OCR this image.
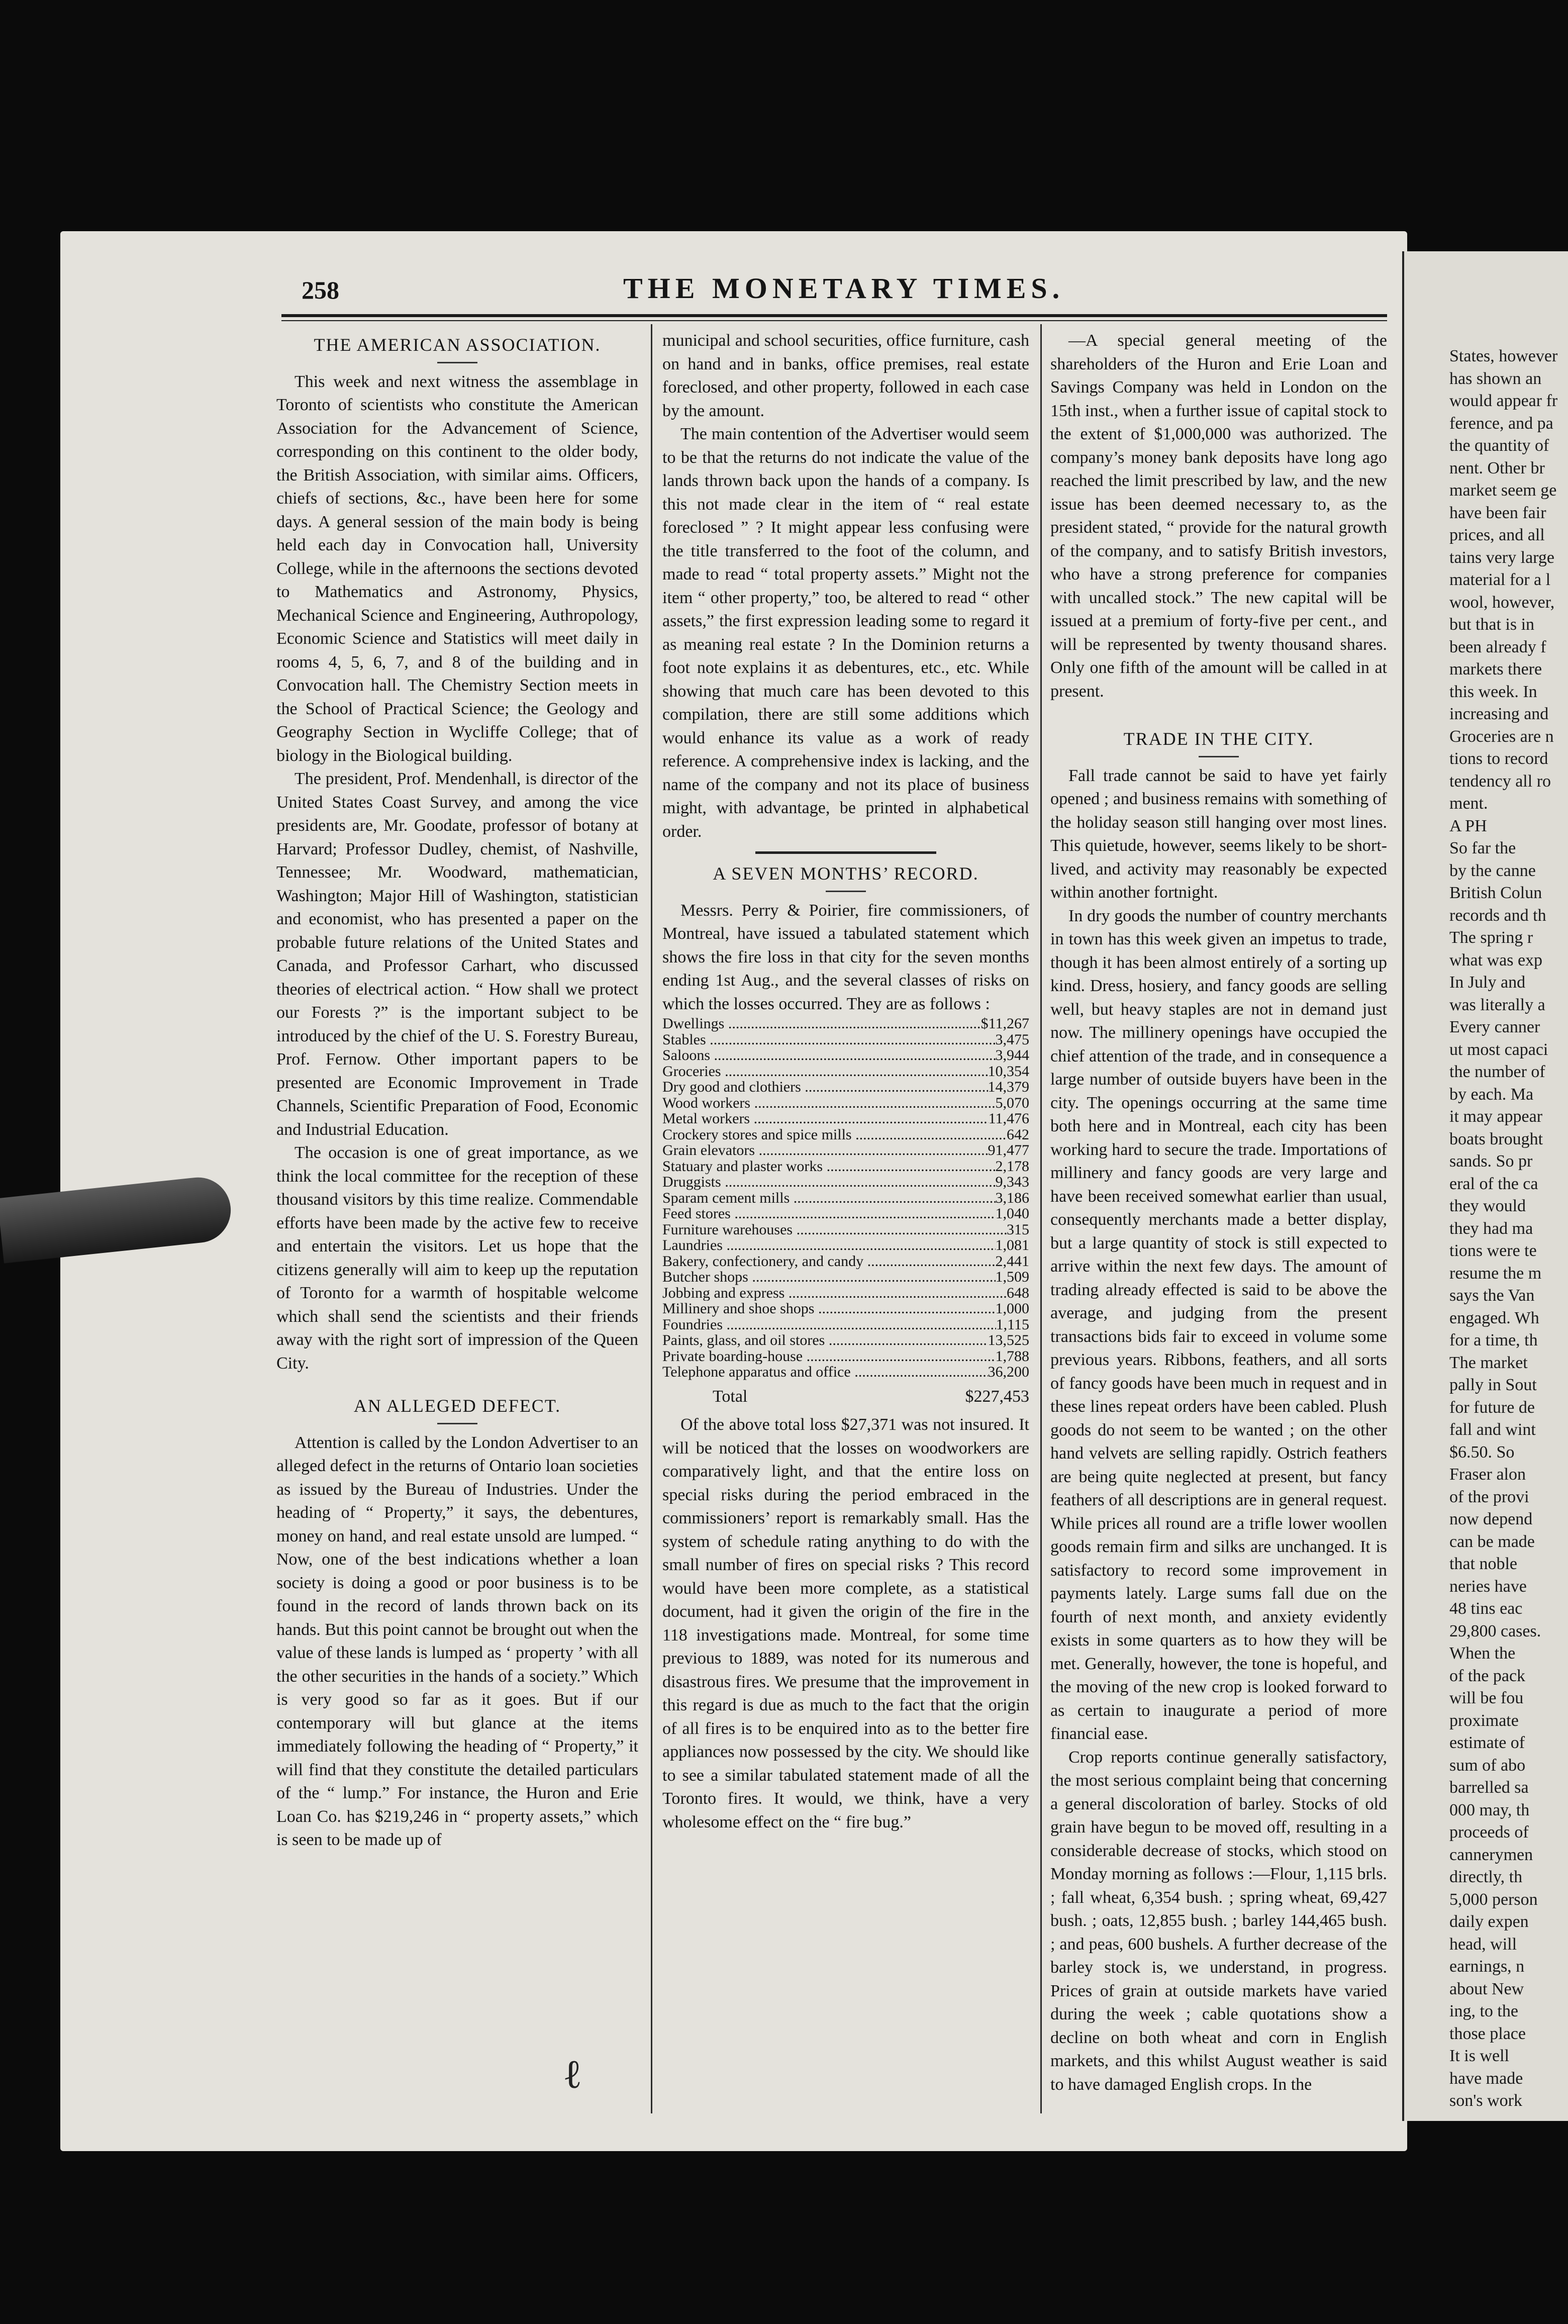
258	THE MONETARY TIMES.

THE AMERICAN ASSOCIATION.

This week and next witness the assemblage in Toronto of scientists who constitute the American Association for the Advancement of Science, corresponding on this continent to the older body, the British Association, with similar aims. Officers, chiefs of sections, &c., have been here for some days. A general session of the main body is being held each day in Convocation hall, University College, while in the afternoons the sections devoted to Mathematics and Astronomy, Physics, Mechanical Science and Engineering, Authropology, Economic Science and Statistics will meet daily in rooms 4, 5, 6, 7, and 8 of the building and in Convocation hall. The Chemistry Section meets in the School of Practical Science; the Geology and Geography Section in Wycliffe College; that of biology in the Biological building.

The president, Prof. Mendenhall, is director of the United States Coast Survey, and among the vice presidents are, Mr. Goodate, professor of botany at Harvard; Professor Dudley, chemist, of Nashville, Tennessee; Mr. Woodward, mathematician, Washington; Major Hill of Washington, statistician and economist, who has presented a paper on the probable future relations of the United States and Canada, and Professor Carhart, who discussed theories of electrical action. “ How shall we protect our Forests ?” is the important subject to be introduced by the chief of the U. S. Forestry Bureau, Prof. Fernow. Other important papers to be presented are Economic Improvement in Trade Channels, Scientific Preparation of Food, Economic and Industrial Education.

The occasion is one of great importance, as we think the local committee for the reception of these thousand visitors by this time realize. Commendable efforts have been made by the active few to receive and entertain the visitors. Let us hope that the citizens generally will aim to keep up the reputation of Toronto for a warmth of hospitable welcome which shall send the scientists and their friends away with the right sort of impression of the Queen City.

AN ALLEGED DEFECT.

Attention is called by the London Advertiser to an alleged defect in the returns of Ontario loan societies as issued by the Bureau of Industries. Under the heading of “ Property,” it says, the debentures, money on hand, and real estate unsold are lumped. “ Now, one of the best indications whether a loan society is doing a good or poor business is to be found in the record of lands thrown back on its hands. But this point cannot be brought out when the value of these lands is lumped as ‘ property ’ with all the other securities in the hands of a society.” Which is very good so far as it goes. But if our contemporary will but glance at the items immediately following the heading of “ Property,” it will find that they constitute the detailed particulars of the “ lump.” For instance, the Huron and Erie Loan Co. has $219,246 in “ property assets,” which is seen to be made up of

municipal and school securities, office furniture, cash on hand and in banks, office premises, real estate foreclosed, and other property, followed in each case by the amount.

The main contention of the Advertiser would seem to be that the returns do not indicate the value of the lands thrown back upon the hands of a company. Is this not made clear in the item of “ real estate foreclosed ” ? It might appear less confusing were the title transferred to the foot of the column, and made to read “ total property assets.” Might not the item “ other property,” too, be altered to read “ other assets,” the first expression leading some to regard it as meaning real estate ? In the Dominion returns a foot note explains it as debentures, etc., etc. While showing that much care has been devoted to this compilation, there are still some additions which would enhance its value as a work of ready reference. A comprehensive index is lacking, and the name of the company and not its place of business might, with advantage, be printed in alphabetical order.

A SEVEN MONTHS’ RECORD.

Messrs. Perry & Poirier, fire commissioners, of Montreal, have issued a tabulated statement which shows the fire loss in that city for the seven months ending 1st Aug., and the several classes of risks on which the losses occurred. They are as follows :

Dwellings .....	$11,267
Stables .....	3,475
Saloons .....	3,944
Groceries .....	10,354
Dry good and clothiers .....	14,379
Wood workers .....	5,070
Metal workers .....	11,476
Crockery stores and spice mills .....	642
Grain elevators .....	91,477
Statuary and plaster works .....	2,178
Druggists .....	9,343
Sparam cement mills .....	3,186
Feed stores .....	1,040
Furniture warehouses .....	315
Laundries .....	1,081
Bakery, confectionery, and candy .....	2,441
Butcher shops .....	1,509
Jobbing and express .....	648
Millinery and shoe shops .....	1,000
Foundries .....	1,115
Paints, glass, and oil stores .....	13,525
Private boarding-house .....	1,788
Telephone apparatus and office .....	36,200
Total	$227,453

Of the above total loss $27,371 was not insured. It will be noticed that the losses on woodworkers are comparatively light, and that the entire loss on special risks during the period embraced in the commissioners’ report is remarkably small. Has the system of schedule rating anything to do with the small number of fires on special risks ? This record would have been more complete, as a statistical document, had it given the origin of the fire in the 118 investigations made. Montreal, for some time previous to 1889, was noted for its numerous and disastrous fires. We presume that the improvement in this regard is due as much to the fact that the origin of all fires is to be enquired into as to the better fire appliances now possessed by the city. We should like to see a similar tabulated statement made of all the Toronto fires. It would, we think, have a very wholesome effect on the “ fire bug.”

—A special general meeting of the shareholders of the Huron and Erie Loan and Savings Company was held in London on the 15th inst., when a further issue of capital stock to the extent of $1,000,000 was authorized. The company’s money bank deposits have long ago reached the limit prescribed by law, and the new issue has been deemed necessary to, as the president stated, “ provide for the natural growth of the company, and to satisfy British investors, who have a strong preference for companies with uncalled stock.” The new capital will be issued at a premium of forty-five per cent., and will be represented by twenty thousand shares. Only one fifth of the amount will be called in at present.

TRADE IN THE CITY.

Fall trade cannot be said to have yet fairly opened ; and business remains with something of the holiday season still hanging over most lines. This quietude, however, seems likely to be short-lived, and activity may reasonably be expected within another fortnight.

In dry goods the number of country merchants in town has this week given an impetus to trade, though it has been almost entirely of a sorting up kind. Dress, hosiery, and fancy goods are selling well, but heavy staples are not in demand just now. The millinery openings have occupied the chief attention of the trade, and in consequence a large number of outside buyers have been in the city. The openings occurring at the same time both here and in Montreal, each city has been working hard to secure the trade. Importations of millinery and fancy goods are very large and have been received somewhat earlier than usual, consequently merchants made a better display, but a large quantity of stock is still expected to arrive within the next few days. The amount of trading already effected is said to be above the average, and judging from the present transactions bids fair to exceed in volume some previous years. Ribbons, feathers, and all sorts of fancy goods have been much in request and in these lines repeat orders have been cabled. Plush goods do not seem to be wanted ; on the other hand velvets are selling rapidly. Ostrich feathers are being quite neglected at present, but fancy feathers of all descriptions are in general request. While prices all round are a trifle lower woollen goods remain firm and silks are unchanged. It is satisfactory to record some improvement in payments lately. Large sums fall due on the fourth of next month, and anxiety evidently exists in some quarters as to how they will be met. Generally, however, the tone is hopeful, and the moving of the new crop is looked forward to as certain to inaugurate a period of more financial ease.

Crop reports continue generally satisfactory, the most serious complaint being that concerning a general discoloration of barley. Stocks of old grain have begun to be moved off, resulting in a considerable decrease of stocks, which stood on Monday morning as follows :—Flour, 1,115 brls. ; fall wheat, 6,354 bush. ; spring wheat, 69,427 bush. ; oats, 12,855 bush. ; barley 144,465 bush. ; and peas, 600 bushels. A further decrease of the barley stock is, we understand, in progress. Prices of grain at outside markets have varied during the week ; cable quotations show a decline on both wheat and corn in English markets, and this whilst August weather is said to have damaged English crops. In the

States, however
has shown an
would appear fr
ference, and pa
the quantity of
nent. Other br
market seem ge
have been fair
prices, and all
tains very large
material for a l
wool, however,
but that is in
been already f
markets there
this week. In
increasing and
Groceries are n
tions to record
tendency all ro
ment.
A PH
So far the
by the canne
British Colun
records and th
The spring r
what was exp
In July and
was literally a
Every canner
ut most capaci
the number of
by each. Ma
it may appear
boats brought
sands. So pr
eral of the ca
they would
they had ma
tions were te
resume the m
says the Van
engaged. Wh
for a time, th
The market
pally in Sout
for future de
fall and wint
$6.50. So
Fraser alon
of the provi
now depend
can be made
that noble
neries have
48 tins eac
29,800 cases.
When the
of the pack
will be fou
proximate
estimate of
sum of abo
barrelled sa
000 may, th
proceeds of
cannerymen
directly, th
5,000 person
daily expen
head, will
earnings, n
about New
ing, to the
those place
It is well
have made
son's work
ℓ
